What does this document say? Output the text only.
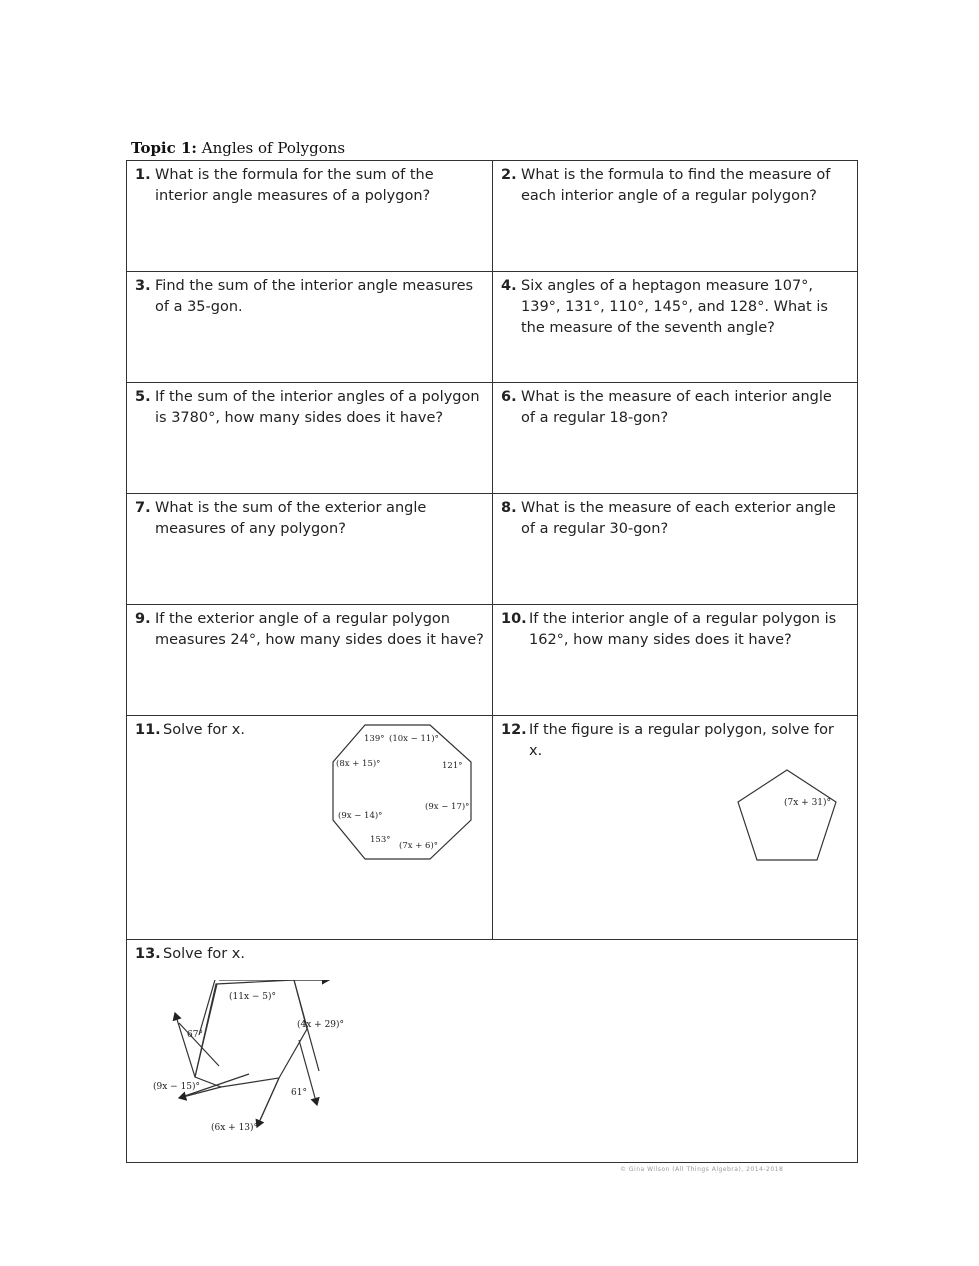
Topic 1: Angles of Polygons
1. What is the formula for the sum of the interior angle measures of a polygon?
2. What is the formula to find the measure of each interior angle of a regular polygon?
3. Find the sum of the interior angle measures of a 35-gon.
4. Six angles of a heptagon measure 107°, 139°, 131°, 110°, 145°, and 128°. What is the measure of the seventh angle?
5. If the sum of the interior angles of a polygon is 3780°, how many sides does it have?
6. What is the measure of each interior angle of a regular 18-gon?
7. What is the sum of the exterior angle measures of any polygon?
8. What is the measure of each exterior angle of a regular 30-gon?
9. If the exterior angle of a regular polygon measures 24°, how many sides does it have?
10. If the interior angle of a regular polygon is 162°, how many sides does it have?
11. Solve for x.
139° (10x − 11)°
(8x + 15)°	121°
(9x − 17)°
(9x − 14)°
153°
(7x + 6)°
12. If the figure is a regular polygon, solve for x.
(7x + 31)°
13. Solve for x.
(11x − 5)°
(4x + 29)°
67°
(9x − 15)°
61°
(6x + 13)°
© Gina Wilson (All Things Algebra), 2014-2018
